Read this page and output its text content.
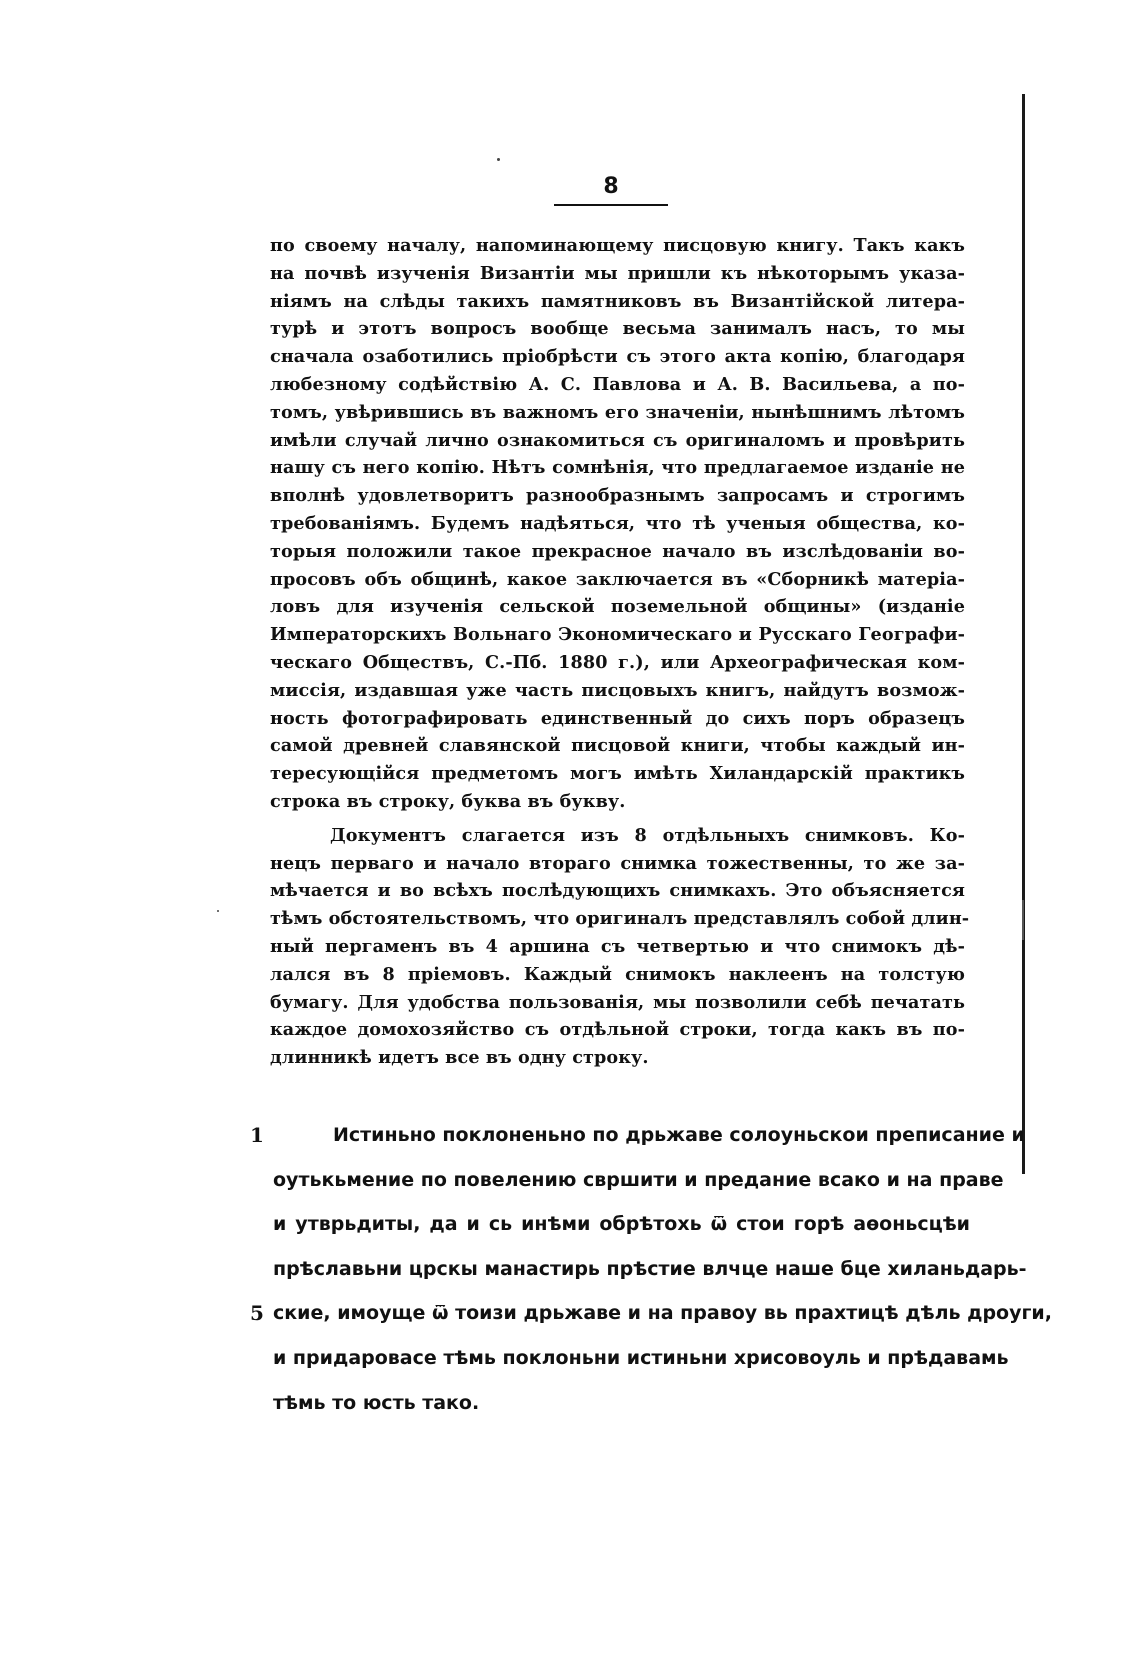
8
по своему началу, напоминающему писцовую книгу. Такъ какъ
на почвѣ изученія Византіи мы пришли къ нѣкоторымъ указа-
ніямъ на слѣды такихъ памятниковъ въ Византійской литера-
турѣ и этотъ вопросъ вообще весьма занималъ насъ, то мы
сначала озаботились пріобрѣсти съ этого акта копію, благодаря
любезному содѣйствію А. С. Павлова и А. В. Васильева, а по-
томъ, увѣрившись въ важномъ его значеніи, нынѣшнимъ лѣтомъ
имѣли случай лично ознакомиться съ оригиналомъ и провѣрить
нашу съ него копію. Нѣтъ сомнѣнія, что предлагаемое изданіе не
вполнѣ удовлетворитъ разнообразнымъ запросамъ и строгимъ
требованіямъ. Будемъ надѣяться, что тѣ ученыя общества, ко-
торыя положили такое прекрасное начало въ изслѣдованіи во-
просовъ объ общинѣ, какое заключается въ «Сборникѣ матеріа-
ловъ для изученія сельской поземельной общины» (изданіе
Императорскихъ Вольнаго Экономическаго и Русскаго Географи-
ческаго Обществъ, С.-Пб. 1880 г.), или Археографическая ком-
миссія, издавшая уже часть писцовыхъ книгъ, найдутъ возмож-
ность фотографировать единственный до сихъ поръ образецъ
самой древней славянской писцовой книги, чтобы каждый ин-
тересующійся предметомъ могъ имѣть Хиландарскій практикъ
строка въ строку, буква въ букву.
Документъ слагается изъ 8 отдѣльныхъ снимковъ. Ко-
нецъ перваго и начало втораго снимка тожественны, то же за-
мѣчается и во всѣхъ послѣдующихъ снимкахъ. Это объясняется
тѣмъ обстоятельствомъ, что оригиналъ представлялъ собой длин-
ный пергаменъ въ 4 аршина съ четвертью и что снимокъ дѣ-
лался въ 8 пріемовъ. Каждый снимокъ наклеенъ на толстую
бумагу. Для удобства пользованія, мы позволили себѣ печатать
каждое домохозяйство съ отдѣльной строки, тогда какъ въ по-
длинникѣ идетъ все въ одну строку.
1	Истиньно поклоненьно по дрьжаве солоуньскои преписание и
оутькьмение по повелению свршити и предание всако и на праве
и утврьдиты, да и сь инѣми обрѣтохь ѿ стои горѣ аѳоньсцѣи
прѣславьни црскы манастирь прѣстие влчце наше бце хиланьдарь-
5 ские, имоуще ѿ тоизи дрьжаве и на правоу вь прахтицѣ дѣль дроуги,
и придаровасе тѣмь поклоньни истиньни хрисовоуль и прѣдавамь
тѣмь то юсть тако.
